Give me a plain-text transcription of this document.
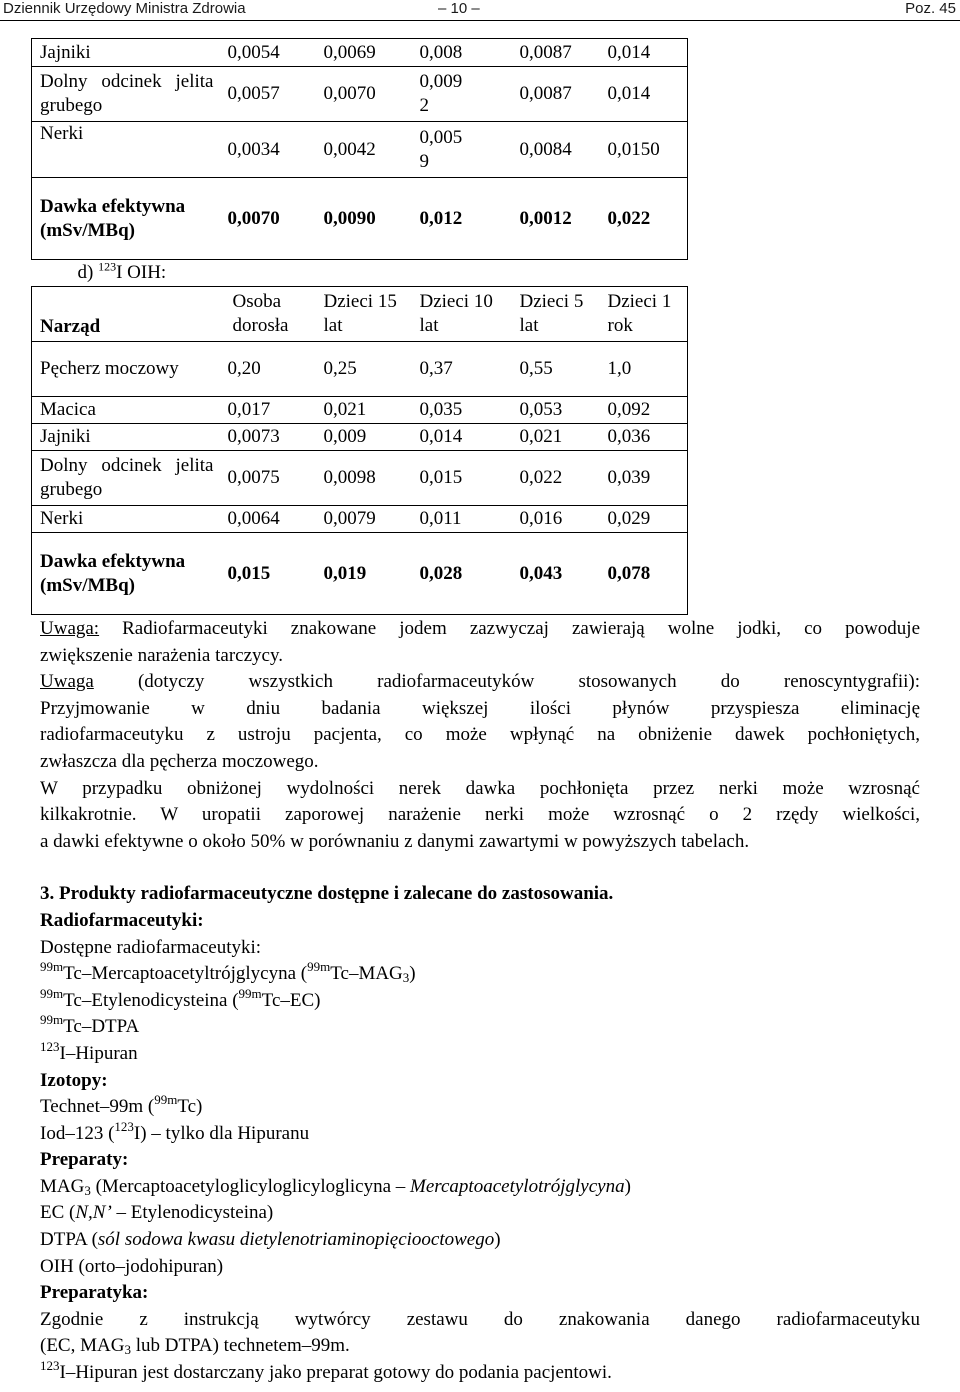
Dziennik Urzędowy Ministra Zdrowia	– 10 –	Poz. 45
Jajniki	0,0054	0,0069	0,008	0,0087	0,014
Dolny odcinek jelita grubego	0,0057	0,0070	0,009 2	0,0087	0,014
Nerki	0,0034	0,0042	0,005 9	0,0084	0,0150
Dawka efektywna (mSv/MBq)	0,0070	0,0090	0,012	0,0012	0,022
d) $^{123}$I OIH:					
Narząd	Osoba dorosła	Dzieci 15 lat	Dzieci 10 lat	Dzieci 5 lat	Dzieci 1 rok
Pęcherz moczowy	0,20	0,25	0,37	0,55	1,0
Macica	0,017	0,021	0,035	0,053	0,092
Jajniki	0,0073	0,009	0,014	0,021	0,036
Dolny odcinek jelita grubego	0,0075	0,0098	0,015	0,022	0,039
Nerki	0,0064	0,0079	0,011	0,016	0,029
Dawka efektywna (mSv/MBq)	0,015	0,019	0,028	0,043	0,078

Uwaga: Radiofarmaceutyki znakowane jodem zazwyczaj zawierają wolne jodki, co powoduje

zwiększenie narażenia tarczycy.

Uwaga (dotyczy wszystkich radiofarmaceutyków stosowanych do renoscyntygrafii):

Przyjmowanie w dniu badania większej ilości płynów przyspiesza eliminację

radiofarmaceutyku z ustroju pacjenta, co może wpłynąć na obniżenie dawek pochłoniętych,

zwłaszcza dla pęcherza moczowego.

W przypadku obniżonej wydolności nerek dawka pochłonięta przez nerki może wzrosnąć

kilkakrotnie. W uropatii zaporowej narażenie nerki może wzrosnąć o 2 rzędy wielkości,

a dawki efektywne o około 50% w porównaniu z danymi zawartymi w powyższych tabelach.

3. Produkty radiofarmaceutyczne dostępne i zalecane do zastosowania.

Radiofarmaceutyki:

Dostępne radiofarmaceutyki:

$^{99m}$Tc–Mercaptoacetyltrójglycyna $(^{99m}Tc-MAG_3)$

$^{99m}$Tc–Etylenodicysteina ($^{99m}$Tc–EC)

$^{99m}$Tc–DTPA

$^{123}$I–Hipuran

Izotopy:

Technet–99m ($^{99m}$Tc)

Iod–123 ($^{123}$I) – tylko dla Hipuranu

Preparaty:

$MAG_3$ (Mercaptoacetyloglicyloglicyloglicyna – Mercaptoacetylotrójglycyna)

EC (N,N’ – Etylenodicysteina)

DTPA (sól sodowa kwasu dietylenotriaminopięciooctowego)

OIH (orto–jodohipuran)

Preparatyka:

Zgodnie z instrukcją wytwórcy zestawu do znakowania danego radiofarmaceutyku

(EC, $MAG_3$ lub DTPA) technetem–99m.

$^{123}$I–Hipuran jest dostarczany jako preparat gotowy do podania pacjentowi.
